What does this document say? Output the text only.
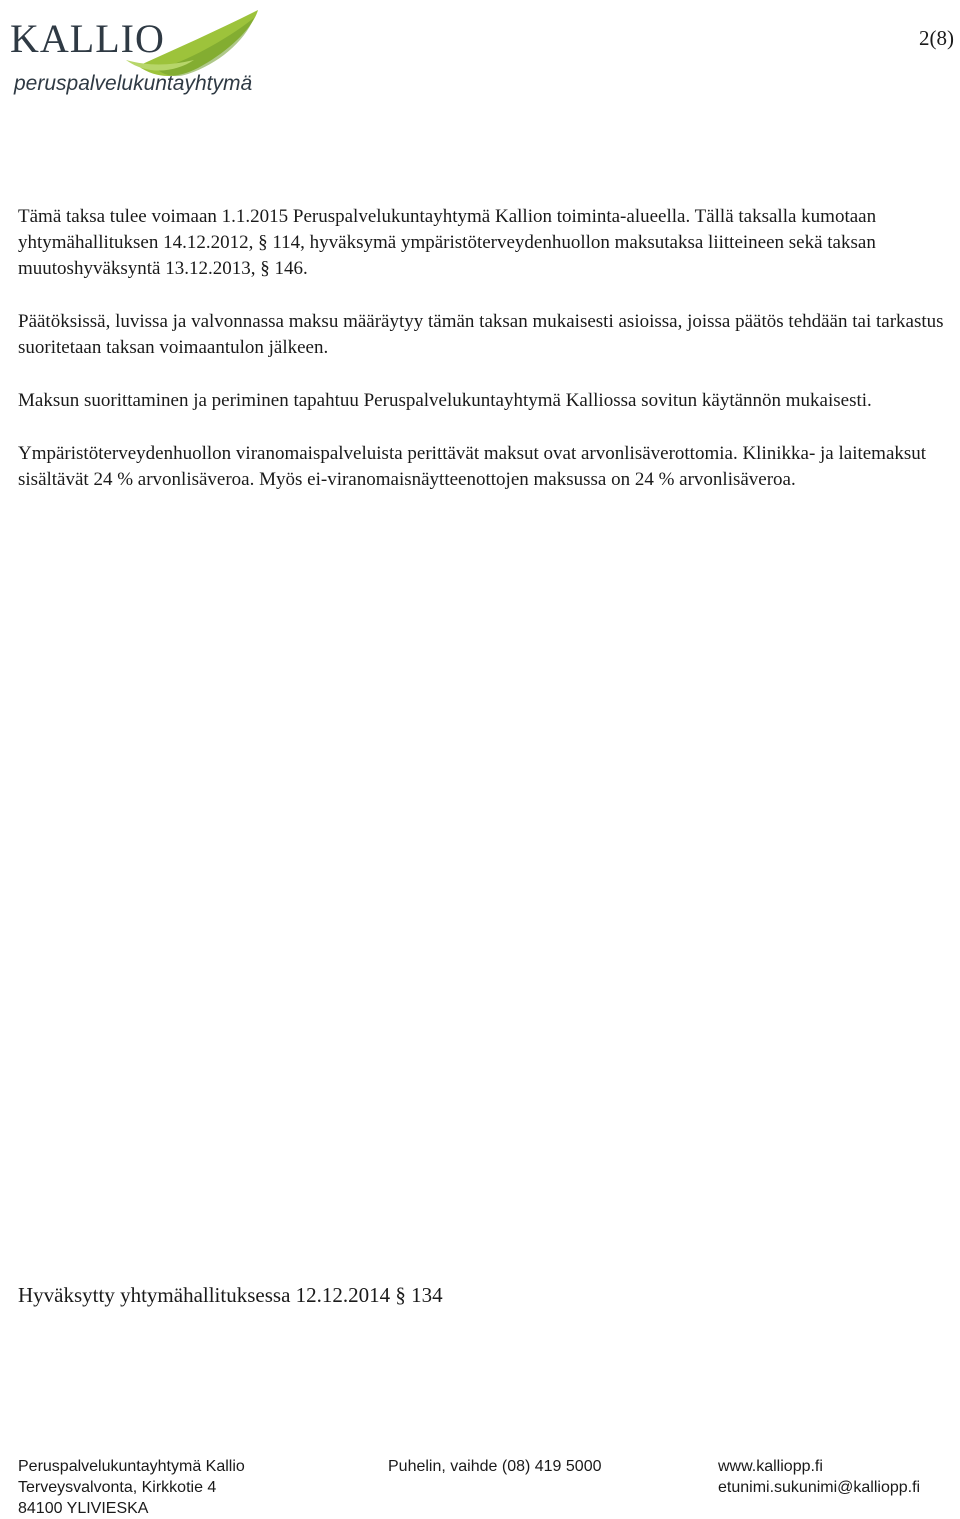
KALLIO
peruspalvelukuntayhtymä
2(8)

Tämä taksa tulee voimaan 1.1.2015 Peruspalvelukuntayhtymä Kallion toiminta-alueella. Tällä taksalla kumotaan yhtymähallituksen 14.12.2012, § 114, hyväksymä ympäristöterveydenhuollon maksutaksa liitteineen sekä taksan muutoshyväksyntä 13.12.2013, § 146.

Päätöksissä, luvissa ja valvonnassa maksu määräytyy tämän taksan mukaisesti asioissa, joissa päätös tehdään tai tarkastus suoritetaan taksan voimaantulon jälkeen.

Maksun suorittaminen ja periminen tapahtuu Peruspalvelukuntayhtymä Kalliossa sovitun käytännön mukaisesti.

Ympäristöterveydenhuollon viranomaispalveluista perittävät maksut ovat arvonlisäverottomia. Klinikka- ja laitemaksut sisältävät 24 % arvonlisäveroa. Myös ei-viranomaisnäytteenottojen maksussa on 24 % arvonlisäveroa.

Hyväksytty yhtymähallituksessa 12.12.2014 § 134
Peruspalvelukuntayhtymä Kallio
Terveysvalvonta, Kirkkotie 4
84100 YLIVIESKA
Puhelin, vaihde (08) 419 5000	www.kalliopp.fi
etunimi.sukunimi@kalliopp.fi
